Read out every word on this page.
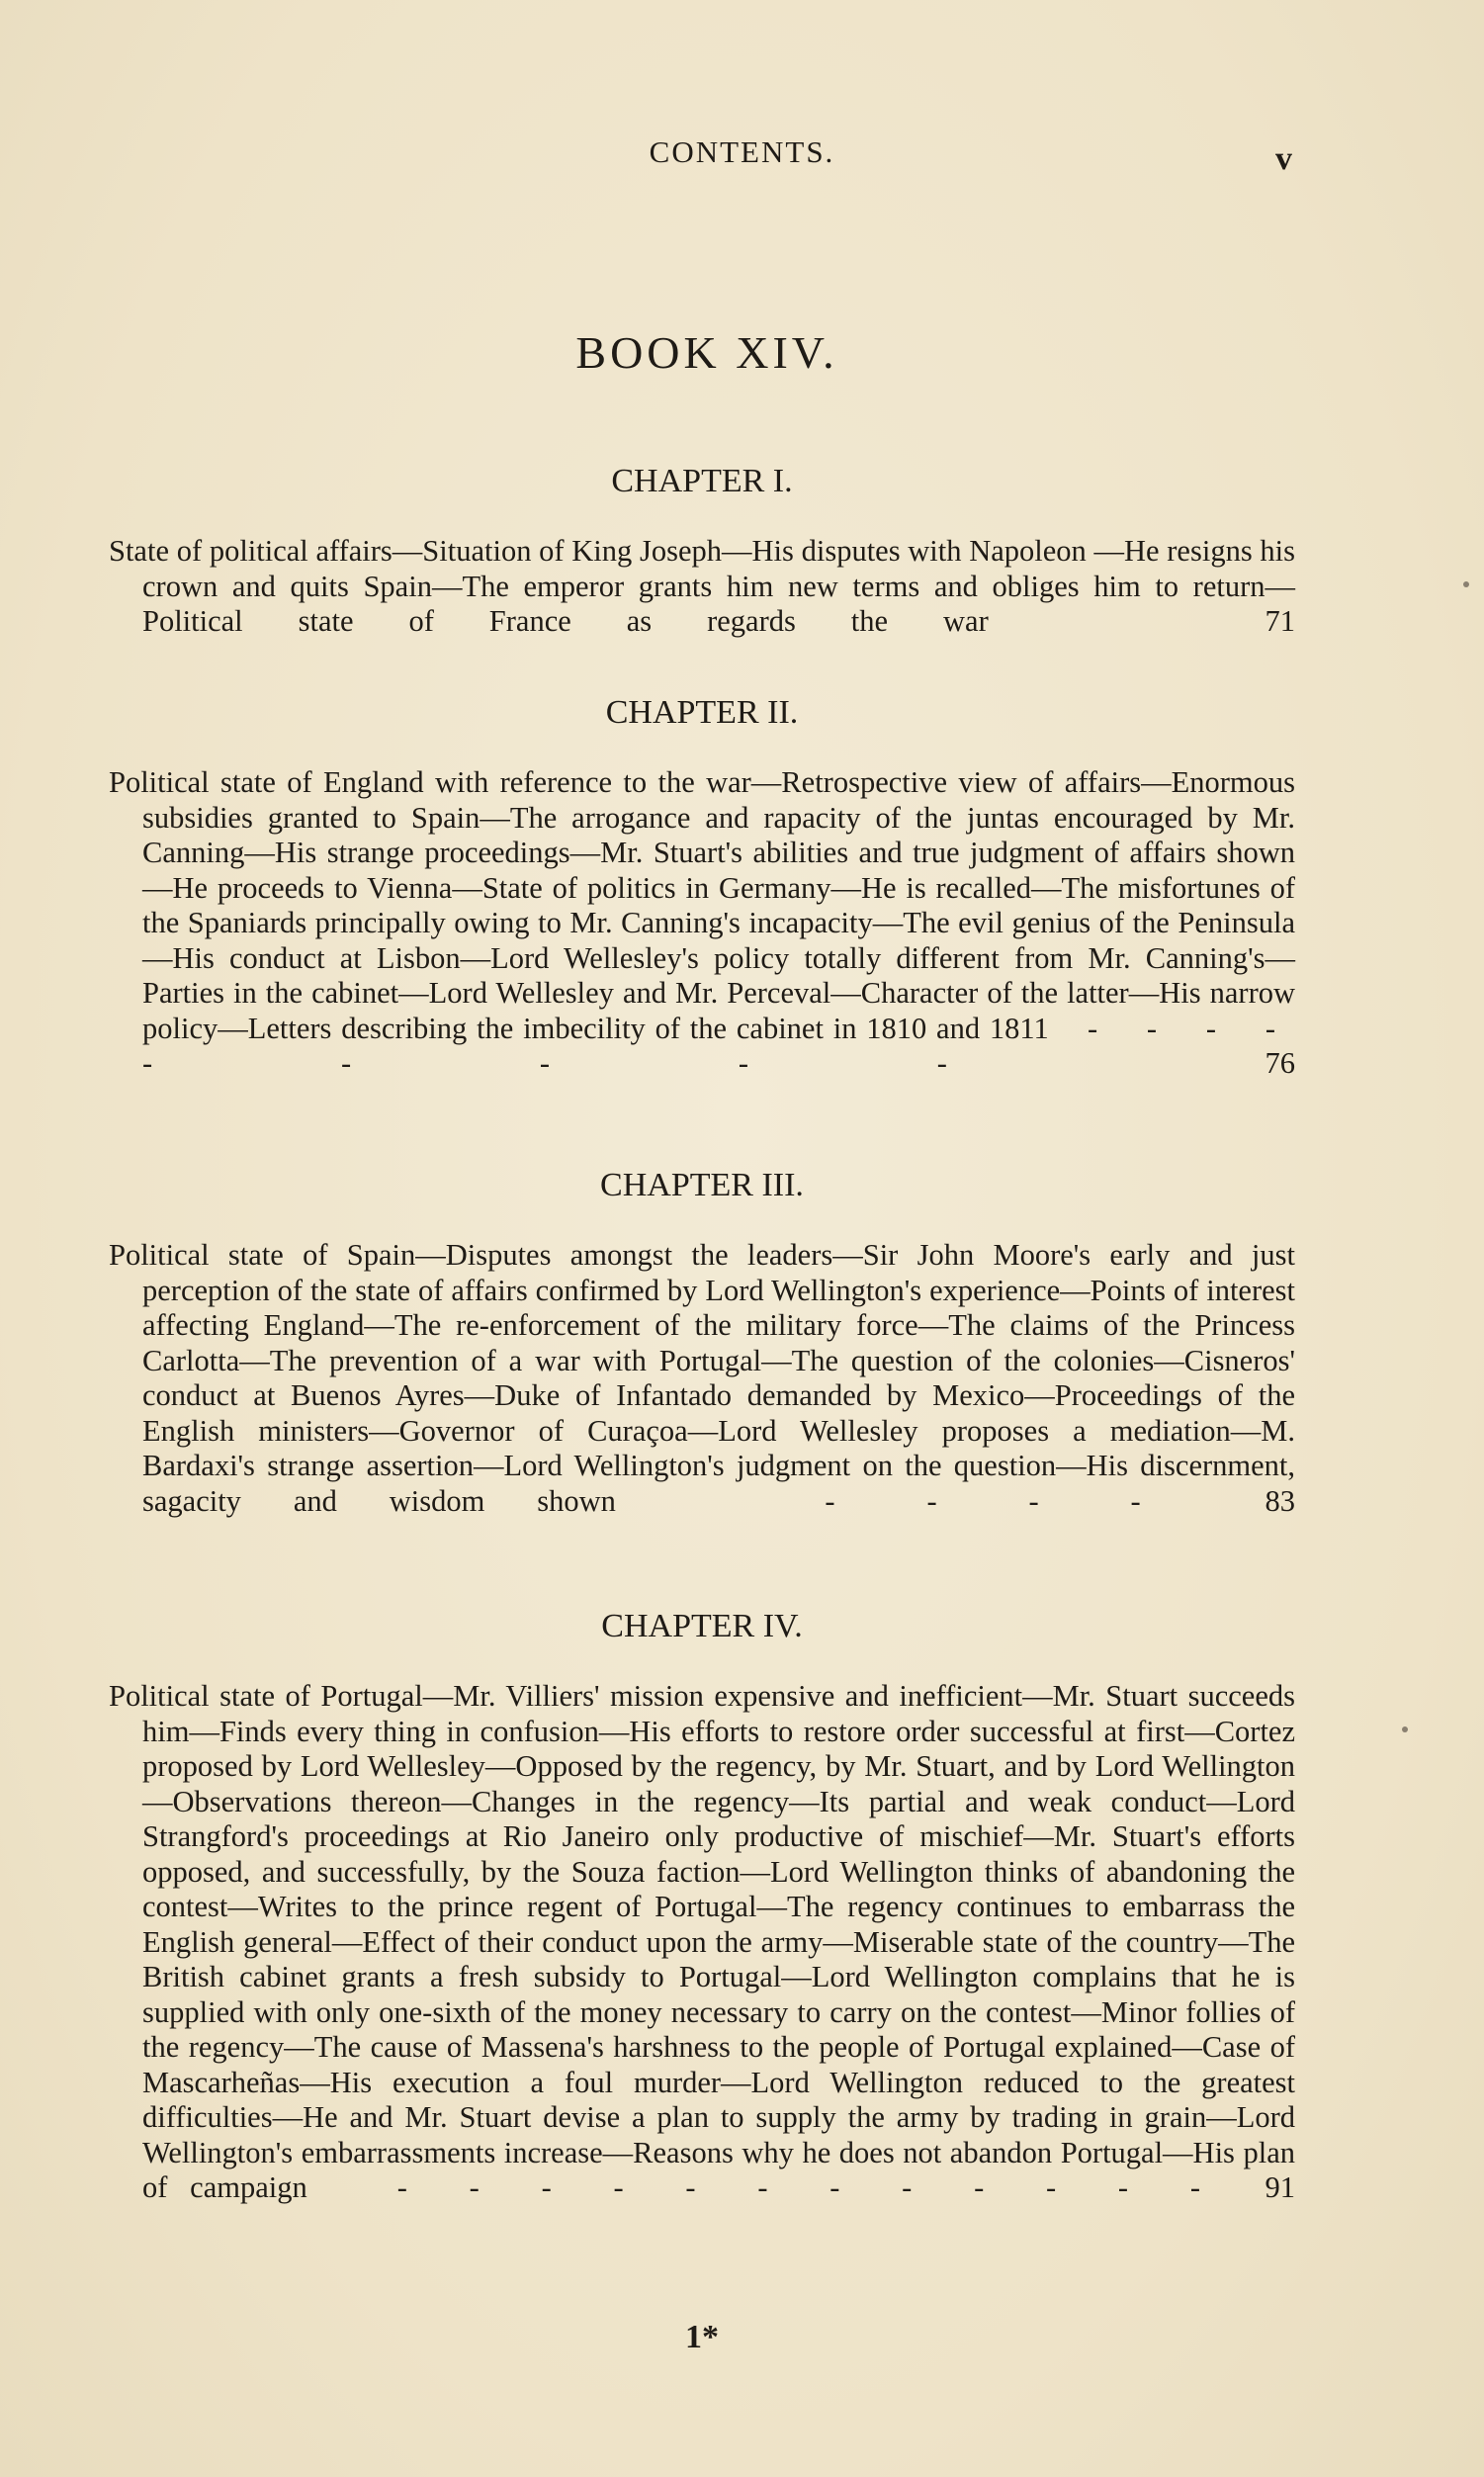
CONTENTS.	v
BOOK XIV.
CHAPTER I.

State of political affairs—Situation of King Joseph—His disputes with Napoleon —He resigns his crown and quits Spain—The emperor grants him new terms and obliges him to return—Political state of France as regards the war	71

CHAPTER II.

Political state of England with reference to the war—Retrospective view of affairs—Enormous subsidies granted to Spain—The arrogance and rapacity of the juntas encouraged by Mr. Canning—His strange proceedings—Mr. Stuart's abilities and true judgment of affairs shown—He proceeds to Vienna—State of politics in Germany—He is recalled—The misfortunes of the Spaniards principally owing to Mr. Canning's incapacity—The evil genius of the Peninsula—His conduct at Lisbon—Lord Wellesley's policy totally different from Mr. Canning's—Parties in the cabinet—Lord Wellesley and Mr. Perceval—Character of the latter—His narrow policy—Letters describing the imbecility of the cabinet in 1810 and 1811 - - - - - - - - -	76

CHAPTER III.

Political state of Spain—Disputes amongst the leaders—Sir John Moore's early and just perception of the state of affairs confirmed by Lord Wellington's experience—Points of interest affecting England—The re-enforcement of the military force—The claims of the Princess Carlotta—The prevention of a war with Portugal—The question of the colonies—Cisneros' conduct at Buenos Ayres—Duke of Infantado demanded by Mexico—Proceedings of the English ministers—Governor of Curaçoa—Lord Wellesley proposes a mediation—M. Bardaxi's strange assertion—Lord Wellington's judgment on the question—His discernment, sagacity and wisdom shown	- - - -	83

CHAPTER IV.

Political state of Portugal—Mr. Villiers' mission expensive and inefficient—Mr. Stuart succeeds him—Finds every thing in confusion—His efforts to restore order successful at first—Cortez proposed by Lord Wellesley—Opposed by the regency, by Mr. Stuart, and by Lord Wellington—Observations thereon—Changes in the regency—Its partial and weak conduct—Lord Strangford's proceedings at Rio Janeiro only productive of mischief—Mr. Stuart's efforts opposed, and successfully, by the Souza faction—Lord Wellington thinks of abandoning the contest—Writes to the prince regent of Portugal—The regency continues to embarrass the English general—Effect of their conduct upon the army—Miserable state of the country—The British cabinet grants a fresh subsidy to Portugal—Lord Wellington complains that he is supplied with only one-sixth of the money necessary to carry on the contest—Minor follies of the regency—The cause of Massena's harshness to the people of Portugal explained—Case of Mascarheñas—His execution a foul murder—Lord Wellington reduced to the greatest difficulties—He and Mr. Stuart devise a plan to supply the army by trading in grain—Lord Wellington's embarrassments increase—Reasons why he does not abandon Portugal—His plan of campaign	- - - - - - - - - - - - 91

1*
